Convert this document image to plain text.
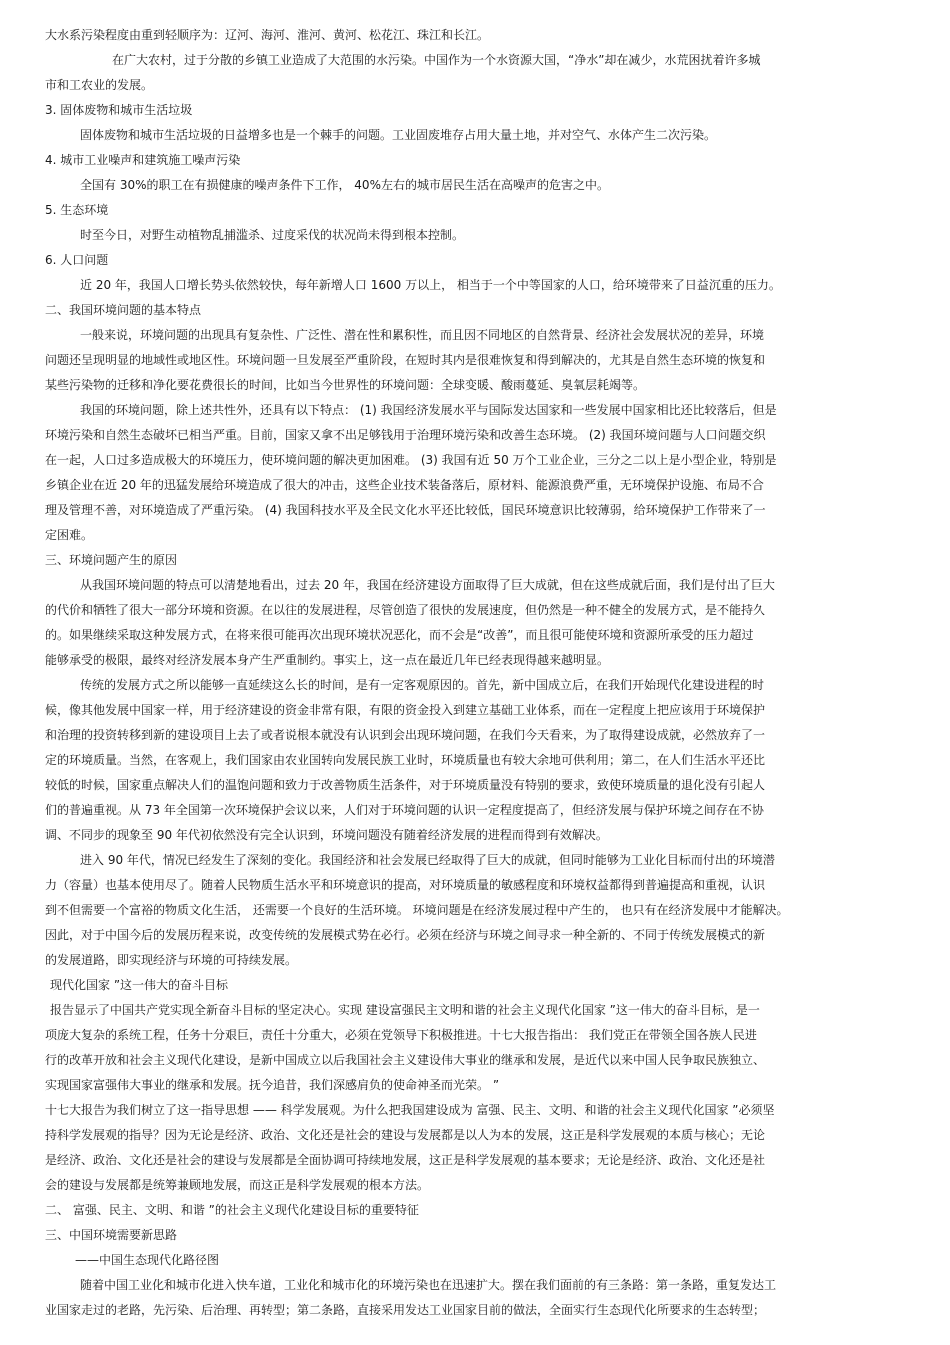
大水系污染程度由重到轻顺序为：辽河、海河、淮河、黄河、松花江、珠江和长江。
在广大农村，过于分散的乡镇工业造成了大范围的水污染。中国作为一个水资源大国，“净水”却在减少，水荒困扰着许多城
市和工农业的发展。
3. 固体废物和城市生活垃圾
固体废物和城市生活垃圾的日益增多也是一个棘手的问题。工业固废堆存占用大量土地，并对空气、水体产生二次污染。
4. 城市工业噪声和建筑施工噪声污染
全国有 30%的职工在有损健康的噪声条件下工作， 40%左右的城市居民生活在高噪声的危害之中。
5. 生态环境
时至今日，对野生动植物乱捕滥杀、过度采伐的状况尚未得到根本控制。
6. 人口问题
近 20 年，我国人口增长势头依然较快，每年新增人口 1600 万以上， 相当于一个中等国家的人口，给环境带来了日益沉重的压力。
二、我国环境问题的基本特点
一般来说，环境问题的出现具有复杂性、广泛性、潜在性和累积性，而且因不同地区的自然背景、经济社会发展状况的差异，环境
问题还呈现明显的地域性或地区性。环境问题一旦发展至严重阶段，在短时其内是很难恢复和得到解决的，尤其是自然生态环境的恢复和
某些污染物的迁移和净化要花费很长的时间，比如当今世界性的环境问题：全球变暖、酸雨蔓延、臭氧层耗竭等。
我国的环境问题，除上述共性外，还具有以下特点： (1) 我国经济发展水平与国际发达国家和一些发展中国家相比还比较落后，但是
环境污染和自然生态破坏已相当严重。目前，国家又拿不出足够钱用于治理环境污染和改善生态环境。 (2) 我国环境问题与人口问题交织
在一起，人口过多造成极大的环境压力，使环境问题的解决更加困难。 (3) 我国有近 50 万个工业企业，三分之二以上是小型企业，特别是
乡镇企业在近 20 年的迅猛发展给环境造成了很大的冲击，这些企业技术装备落后，原材料、能源浪费严重，无环境保护设施、布局不合
理及管理不善，对环境造成了严重污染。 (4) 我国科技水平及全民文化水平还比较低，国民环境意识比较薄弱，给环境保护工作带来了一
定困难。
三、环境问题产生的原因
从我国环境问题的特点可以清楚地看出，过去 20 年，我国在经济建设方面取得了巨大成就，但在这些成就后面，我们是付出了巨大
的代价和牺牲了很大一部分环境和资源。在以往的发展进程，尽管创造了很快的发展速度，但仍然是一种不健全的发展方式，是不能持久
的。如果继续采取这种发展方式，在将来很可能再次出现环境状况恶化，而不会是“改善”，而且很可能使环境和资源所承受的压力超过
能够承受的极限，最终对经济发展本身产生严重制约。事实上，这一点在最近几年已经表现得越来越明显。
传统的发展方式之所以能够一直延续这么长的时间，是有一定客观原因的。首先，新中国成立后，在我们开始现代化建设进程的时
候，像其他发展中国家一样，用于经济建设的资金非常有限，有限的资金投入到建立基础工业体系，而在一定程度上把应该用于环境保护
和治理的投资转移到新的建设项目上去了或者说根本就没有认识到会出现环境问题，在我们今天看来，为了取得建设成就，必然放弃了一
定的环境质量。当然，在客观上，我们国家由农业国转向发展民族工业时，环境质量也有较大余地可供利用；第二，在人们生活水平还比
较低的时候，国家重点解决人们的温饱问题和致力于改善物质生活条件，对于环境质量没有特别的要求，致使环境质量的退化没有引起人
们的普遍重视。从 73 年全国第一次环境保护会议以来，人们对于环境问题的认识一定程度提高了，但经济发展与保护环境之间存在不协
调、不同步的现象至 90 年代初依然没有完全认识到，环境问题没有随着经济发展的进程而得到有效解决。
进入 90 年代，情况已经发生了深刻的变化。我国经济和社会发展已经取得了巨大的成就，但同时能够为工业化目标而付出的环境潜
力（容量）也基本使用尽了。随着人民物质生活水平和环境意识的提高，对环境质量的敏感程度和环境权益都得到普遍提高和重视，认识
到不但需要一个富裕的物质文化生活， 还需要一个良好的生活环境。 环境问题是在经济发展过程中产生的， 也只有在经济发展中才能解决。
因此，对于中国今后的发展历程来说，改变传统的发展模式势在必行。必须在经济与环境之间寻求一种全新的、不同于传统发展模式的新
的发展道路，即实现经济与环境的可持续发展。
现代化国家 ”这一伟大的奋斗目标
报告显示了中国共产党实现全新奋斗目标的坚定决心。实现 建设富强民主文明和谐的社会主义现代化国家 ”这一伟大的奋斗目标，是一
项庞大复杂的系统工程，任务十分艰巨，责任十分重大，必须在党领导下积极推进。十七大报告指出： 我们党正在带领全国各族人民进
行的改革开放和社会主义现代化建设，是新中国成立以后我国社会主义建设伟大事业的继承和发展，是近代以来中国人民争取民族独立、
实现国家富强伟大事业的继承和发展。抚今追昔，我们深感肩负的使命神圣而光荣。 ”
十七大报告为我们树立了这一指导思想 —— 科学发展观。为什么把我国建设成为 富强、民主、文明、和谐的社会主义现代化国家 ”必须坚
持科学发展观的指导？因为无论是经济、政治、文化还是社会的建设与发展都是以人为本的发展，这正是科学发展观的本质与核心；无论
是经济、政治、文化还是社会的建设与发展都是全面协调可持续地发展，这正是科学发展观的基本要求；无论是经济、政治、文化还是社
会的建设与发展都是统筹兼顾地发展，而这正是科学发展观的根本方法。
二、 富强、民主、文明、和谐 ”的社会主义现代化建设目标的重要特征
三、中国环境需要新思路
——中国生态现代化路径图
随着中国工业化和城市化进入快车道，工业化和城市化的环境污染也在迅速扩大。摆在我们面前的有三条路：第一条路，重复发达工
业国家走过的老路，先污染、后治理、再转型；第二条路，直接采用发达工业国家目前的做法，全面实行生态现代化所要求的生态转型；
